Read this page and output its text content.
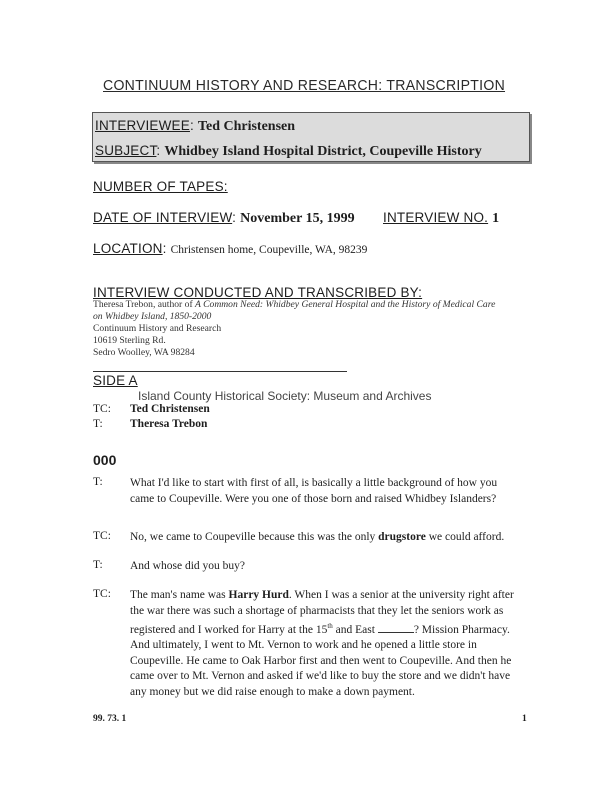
CONTINUUM HISTORY AND RESEARCH: TRANSCRIPTION
INTERVIEWEE: Ted Christensen
SUBJECT: Whidbey Island Hospital District, Coupeville History
NUMBER OF TAPES:
DATE OF INTERVIEW: November 15, 1999 INTERVIEW NO. 1
LOCATION: Christensen home, Coupeville, WA, 98239
INTERVIEW CONDUCTED AND TRANSCRIBED BY:
Theresa Trebon, author of A Common Need: Whidbey General Hospital and the History of Medical Care
on Whidbey Island, 1850-2000
Continuum History and Research
10619 Sterling Rd.
Sedro Woolley, WA 98284
SIDE A
Island County Historical Society: Museum and Archives
TC: Ted Christensen
T: Theresa Trebon
000
T: What I'd like to start with first of all, is basically a little background of how you came to Coupeville. Were you one of those born and raised Whidbey Islanders?
TC: No, we came to Coupeville because this was the only drugstore we could afford.
T: And whose did you buy?
TC: The man's name was Harry Hurd. When I was a senior at the university right after the war there was such a shortage of pharmacists that they let the seniors work as registered and I worked for Harry at the 15th and East	? Mission Pharmacy. And ultimately, I went to Mt. Vernon to work and he opened a little store in Coupeville. He came to Oak Harbor first and then went to Coupeville. And then he came over to Mt. Vernon and asked if we'd like to buy the store and we didn't have any money but we did raise enough to make a down payment.
99. 73. 1	1
